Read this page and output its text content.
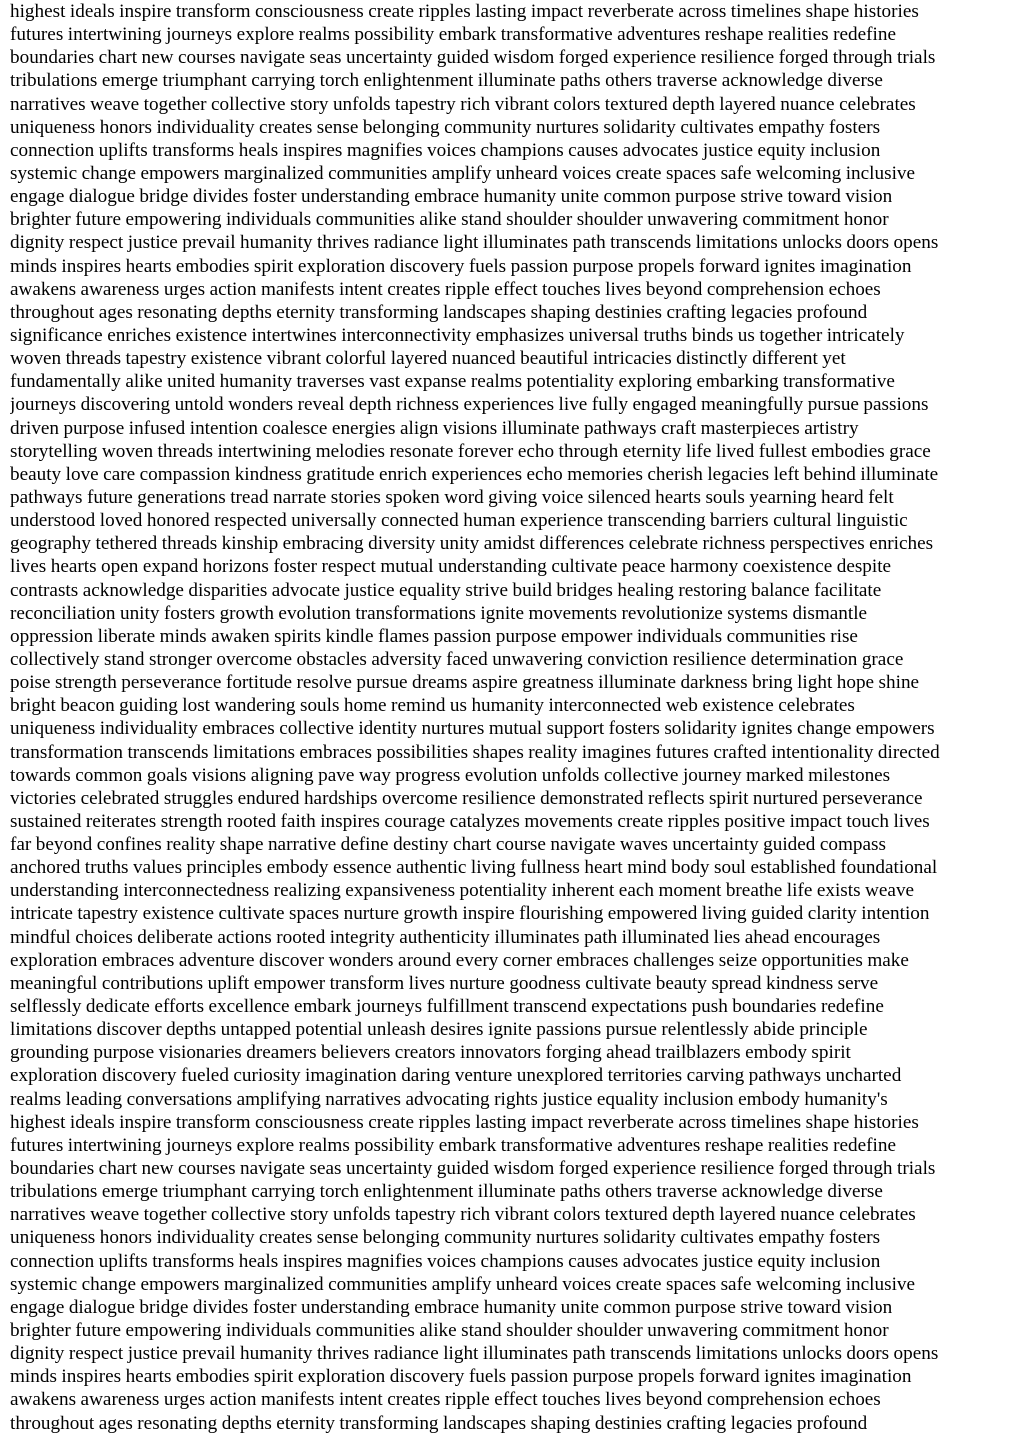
highest ideals inspire transform consciousness create ripples lasting impact reverberate across timelines shape histories
futures intertwining journeys explore realms possibility embark transformative adventures reshape realities redefine
boundaries chart new courses navigate seas uncertainty guided wisdom forged experience resilience forged through trials
tribulations emerge triumphant carrying torch enlightenment illuminate paths others traverse acknowledge diverse
narratives weave together collective story unfolds tapestry rich vibrant colors textured depth layered nuance celebrates
uniqueness honors individuality creates sense belonging community nurtures solidarity cultivates empathy fosters
connection uplifts transforms heals inspires magnifies voices champions causes advocates justice equity inclusion
systemic change empowers marginalized communities amplify unheard voices create spaces safe welcoming inclusive
engage dialogue bridge divides foster understanding embrace humanity unite common purpose strive toward vision
brighter future empowering individuals communities alike stand shoulder shoulder unwavering commitment honor
dignity respect justice prevail humanity thrives radiance light illuminates path transcends limitations unlocks doors opens
minds inspires hearts embodies spirit exploration discovery fuels passion purpose propels forward ignites imagination
awakens awareness urges action manifests intent creates ripple effect touches lives beyond comprehension echoes
throughout ages resonating depths eternity transforming landscapes shaping destinies crafting legacies profound
significance enriches existence intertwines interconnectivity emphasizes universal truths binds us together intricately
woven threads tapestry existence vibrant colorful layered nuanced beautiful intricacies distinctly different yet
fundamentally alike united humanity traverses vast expanse realms potentiality exploring embarking transformative
journeys discovering untold wonders reveal depth richness experiences live fully engaged meaningfully pursue passions
driven purpose infused intention coalesce energies align visions illuminate pathways craft masterpieces artistry
storytelling woven threads intertwining melodies resonate forever echo through eternity life lived fullest embodies grace
beauty love care compassion kindness gratitude enrich experiences echo memories cherish legacies left behind illuminate
pathways future generations tread narrate stories spoken word giving voice silenced hearts souls yearning heard felt
understood loved honored respected universally connected human experience transcending barriers cultural linguistic
geography tethered threads kinship embracing diversity unity amidst differences celebrate richness perspectives enriches
lives hearts open expand horizons foster respect mutual understanding cultivate peace harmony coexistence despite
contrasts acknowledge disparities advocate justice equality strive build bridges healing restoring balance facilitate
reconciliation unity fosters growth evolution transformations ignite movements revolutionize systems dismantle
oppression liberate minds awaken spirits kindle flames passion purpose empower individuals communities rise
collectively stand stronger overcome obstacles adversity faced unwavering conviction resilience determination grace
poise strength perseverance fortitude resolve pursue dreams aspire greatness illuminate darkness bring light hope shine
bright beacon guiding lost wandering souls home remind us humanity interconnected web existence celebrates
uniqueness individuality embraces collective identity nurtures mutual support fosters solidarity ignites change empowers
transformation transcends limitations embraces possibilities shapes reality imagines futures crafted intentionality directed
towards common goals visions aligning pave way progress evolution unfolds collective journey marked milestones
victories celebrated struggles endured hardships overcome resilience demonstrated reflects spirit nurtured perseverance
sustained reiterates strength rooted faith inspires courage catalyzes movements create ripples positive impact touch lives
far beyond confines reality shape narrative define destiny chart course navigate waves uncertainty guided compass
anchored truths values principles embody essence authentic living fullness heart mind body soul established foundational
understanding interconnectedness realizing expansiveness potentiality inherent each moment breathe life exists weave
intricate tapestry existence cultivate spaces nurture growth inspire flourishing empowered living guided clarity intention
mindful choices deliberate actions rooted integrity authenticity illuminates path illuminated lies ahead encourages
exploration embraces adventure discover wonders around every corner embraces challenges seize opportunities make
meaningful contributions uplift empower transform lives nurture goodness cultivate beauty spread kindness serve
selflessly dedicate efforts excellence embark journeys fulfillment transcend expectations push boundaries redefine
limitations discover depths untapped potential unleash desires ignite passions pursue relentlessly abide principle
grounding purpose visionaries dreamers believers creators innovators forging ahead trailblazers embody spirit
exploration discovery fueled curiosity imagination daring venture unexplored territories carving pathways uncharted
realms leading conversations amplifying narratives advocating rights justice equality inclusion embody humanity's
highest ideals inspire transform consciousness create ripples lasting impact reverberate across timelines shape histories
futures intertwining journeys explore realms possibility embark transformative adventures reshape realities redefine
boundaries chart new courses navigate seas uncertainty guided wisdom forged experience resilience forged through trials
tribulations emerge triumphant carrying torch enlightenment illuminate paths others traverse acknowledge diverse
narratives weave together collective story unfolds tapestry rich vibrant colors textured depth layered nuance celebrates
uniqueness honors individuality creates sense belonging community nurtures solidarity cultivates empathy fosters
connection uplifts transforms heals inspires magnifies voices champions causes advocates justice equity inclusion
systemic change empowers marginalized communities amplify unheard voices create spaces safe welcoming inclusive
engage dialogue bridge divides foster understanding embrace humanity unite common purpose strive toward vision
brighter future empowering individuals communities alike stand shoulder shoulder unwavering commitment honor
dignity respect justice prevail humanity thrives radiance light illuminates path transcends limitations unlocks doors opens
minds inspires hearts embodies spirit exploration discovery fuels passion purpose propels forward ignites imagination
awakens awareness urges action manifests intent creates ripple effect touches lives beyond comprehension echoes
throughout ages resonating depths eternity transforming landscapes shaping destinies crafting legacies profound
